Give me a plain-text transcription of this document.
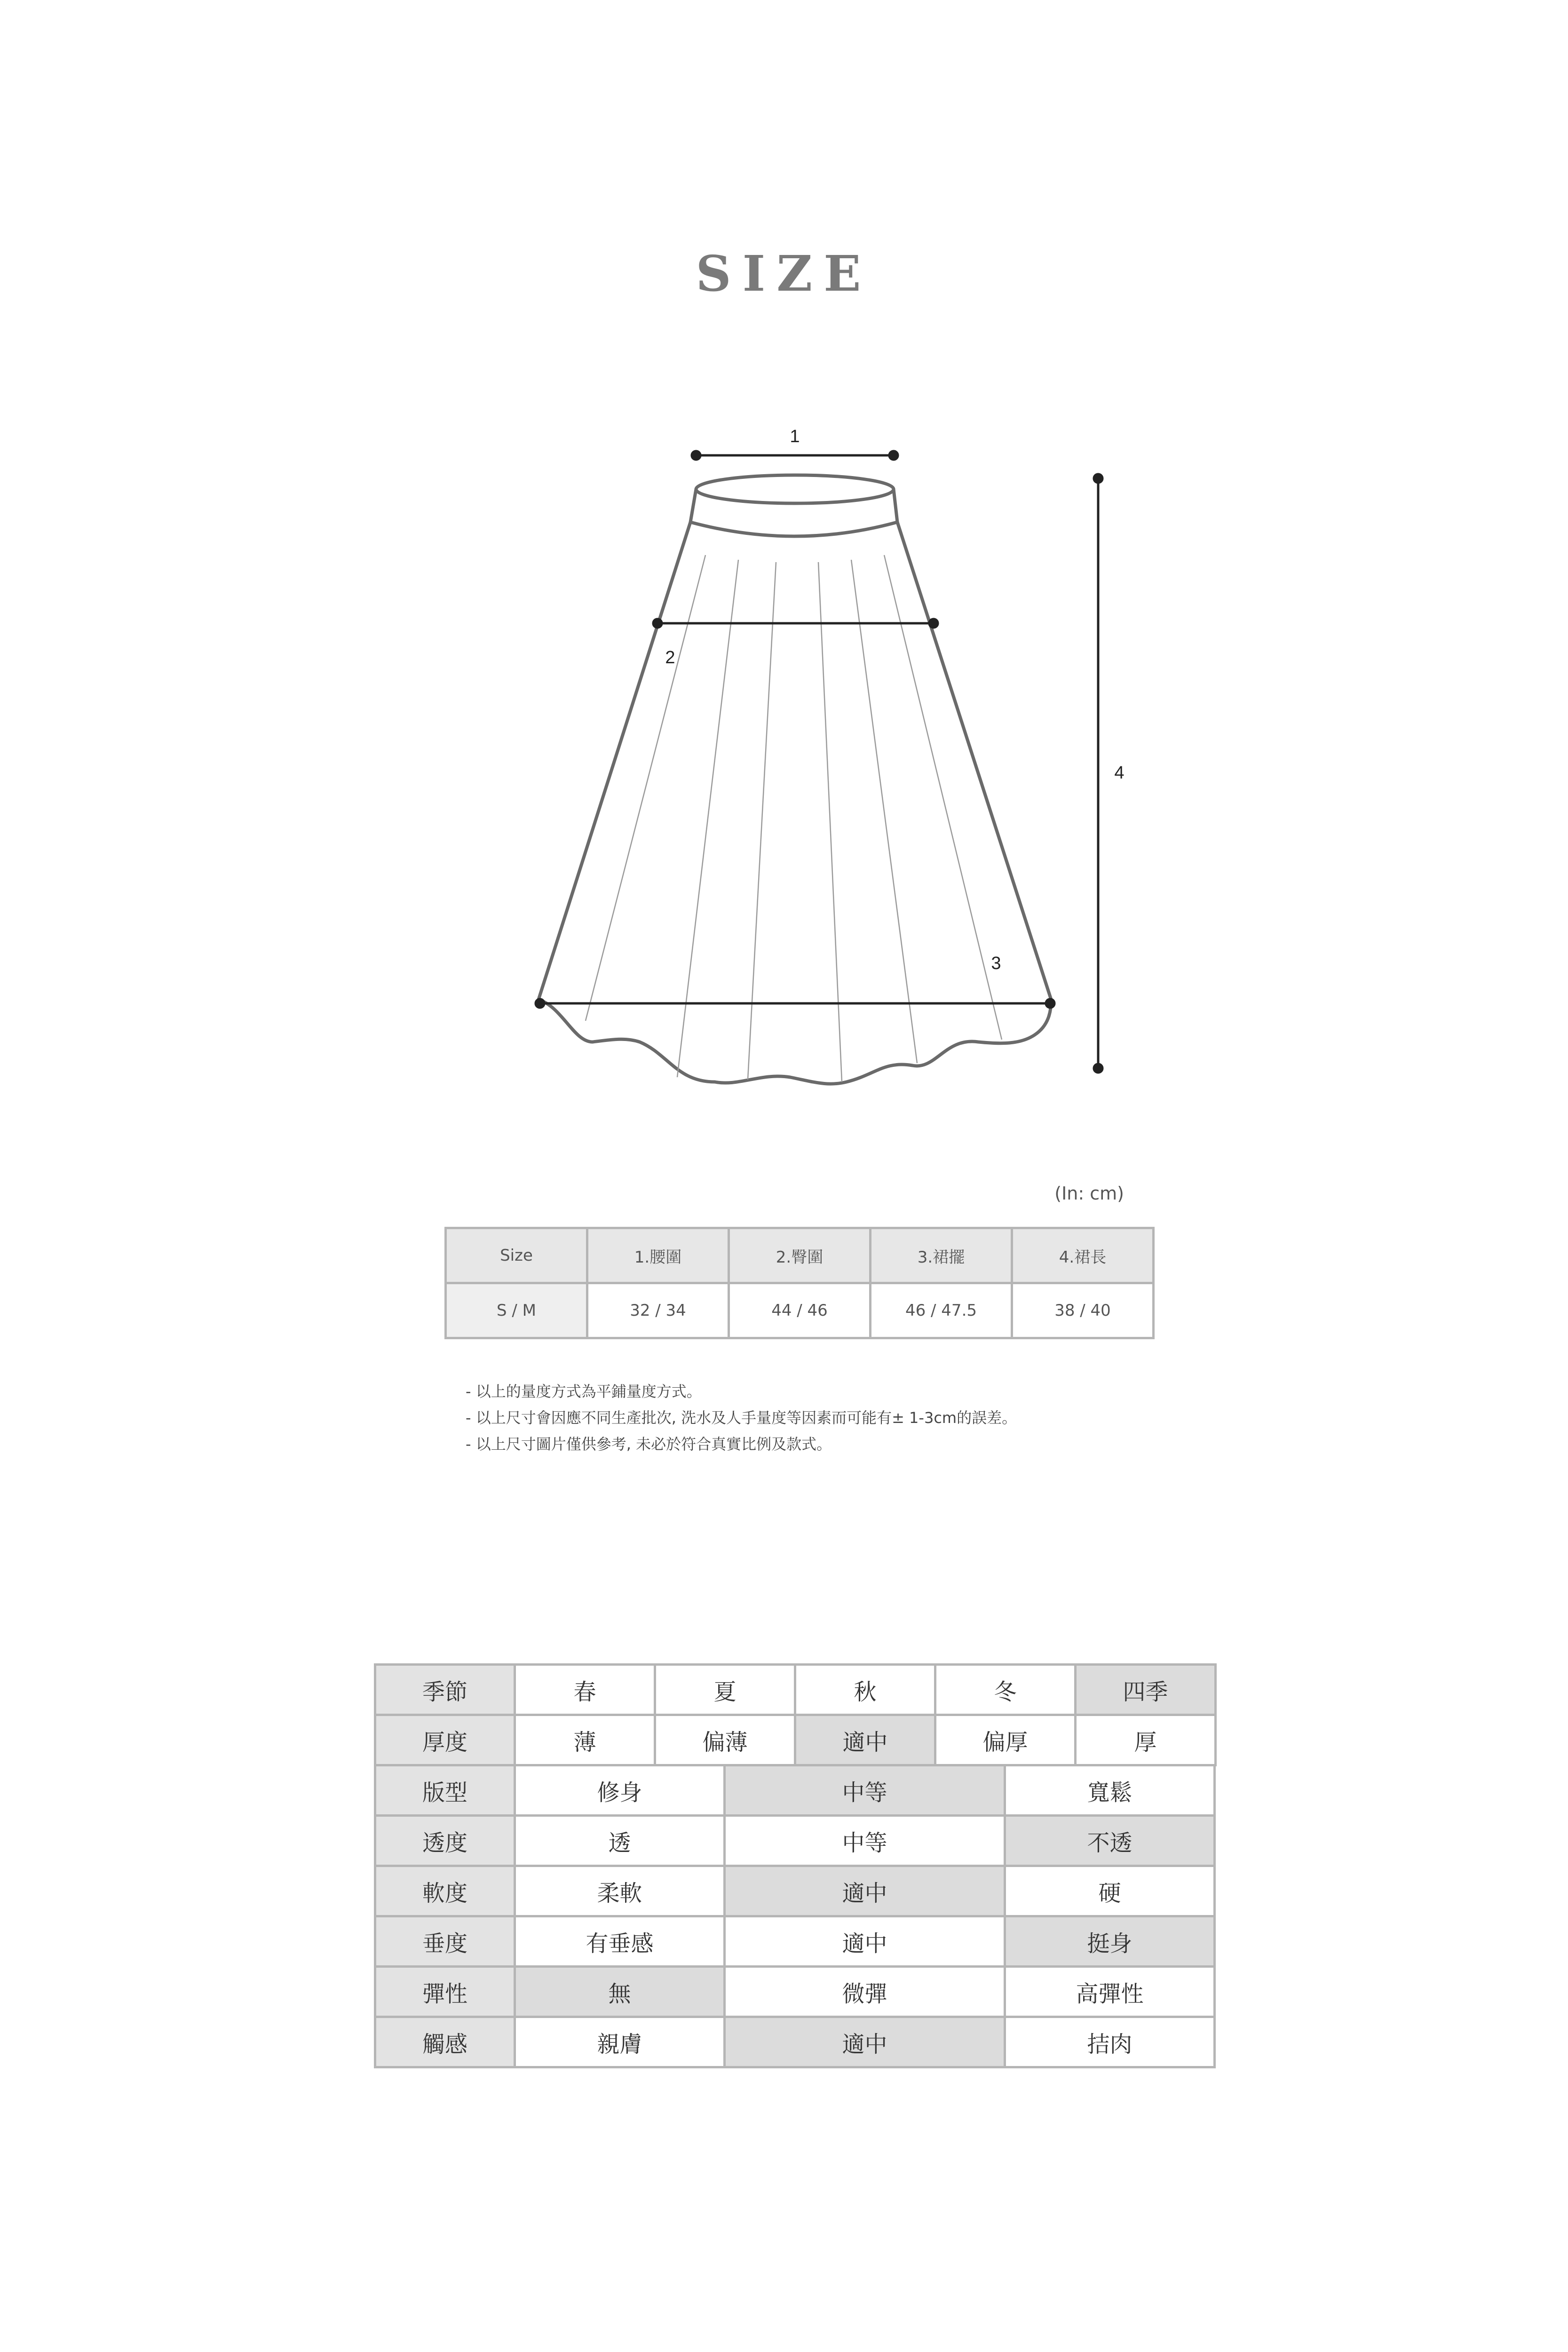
SIZE
1
2
3
4
(In: cm)
Size	1.腰圍	2.臀圍	3.裙擺	4.裙長
S / M	32 / 34	44 / 46	46 / 47.5	38 / 40
- 以上的量度方式為平鋪量度方式。
- 以上尺寸會因應不同生產批次, 洗水及人手量度等因素而可能有± 1-3cm的誤差。
- 以上尺寸圖片僅供參考, 未必於符合真實比例及款式。
季節	春	夏	秋	冬	四季
厚度	薄	偏薄	適中	偏厚	厚
版型	修身	中等	寬鬆
透度	透	中等	不透
軟度	柔軟	適中	硬
垂度	有垂感	適中	挺身
彈性	無	微彈	高彈性
觸感	親膚	適中	拮肉
